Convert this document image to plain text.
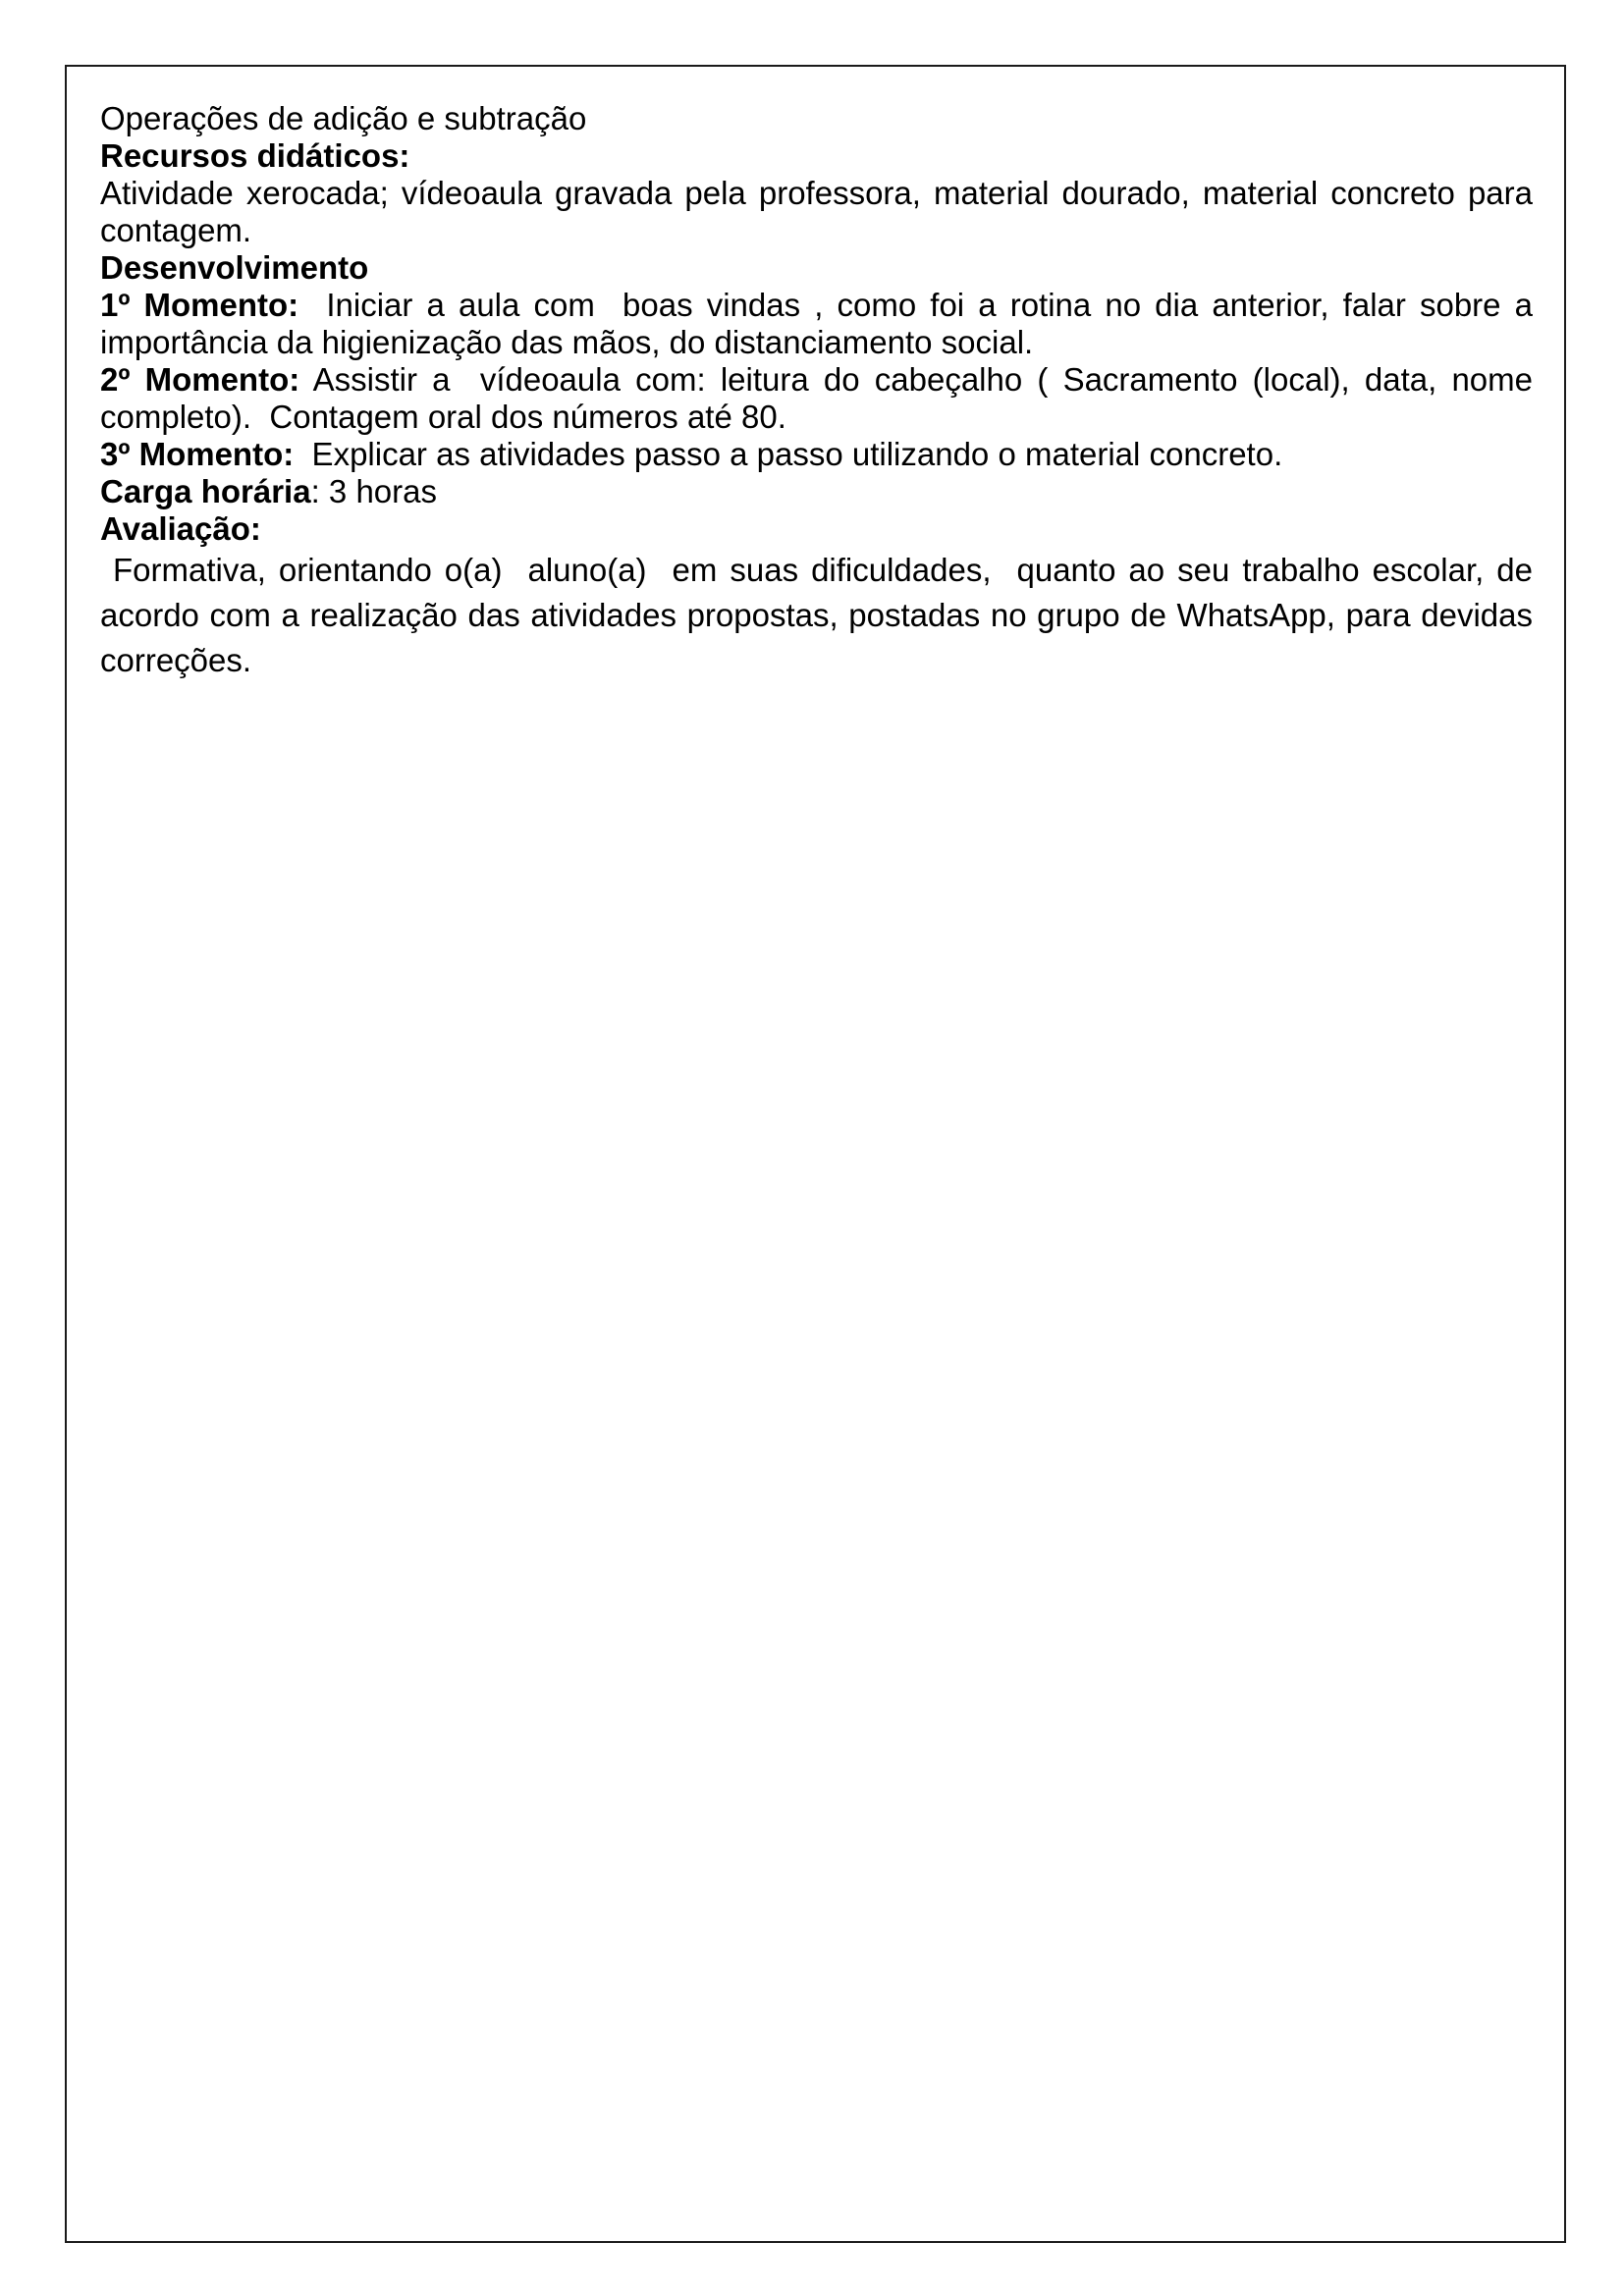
Operações de adição e subtração

Recursos didáticos:

Atividade xerocada; vídeoaula gravada pela professora, material dourado, material concreto para contagem.

Desenvolvimento

1º Momento:  Iniciar a aula com  boas vindas , como foi a rotina no dia anterior, falar sobre a importância da higienização das mãos, do distanciamento social.

2º Momento: Assistir a  vídeoaula com: leitura do cabeçalho ( Sacramento (local), data, nome completo).  Contagem oral dos números até 80.

3º Momento:  Explicar as atividades passo a passo utilizando o material concreto.

Carga horária: 3 horas

Avaliação:

Formativa, orientando o(a)  aluno(a)  em suas dificuldades,  quanto ao seu trabalho escolar, de acordo com a realização das atividades propostas, postadas no grupo de WhatsApp, para devidas correções.
